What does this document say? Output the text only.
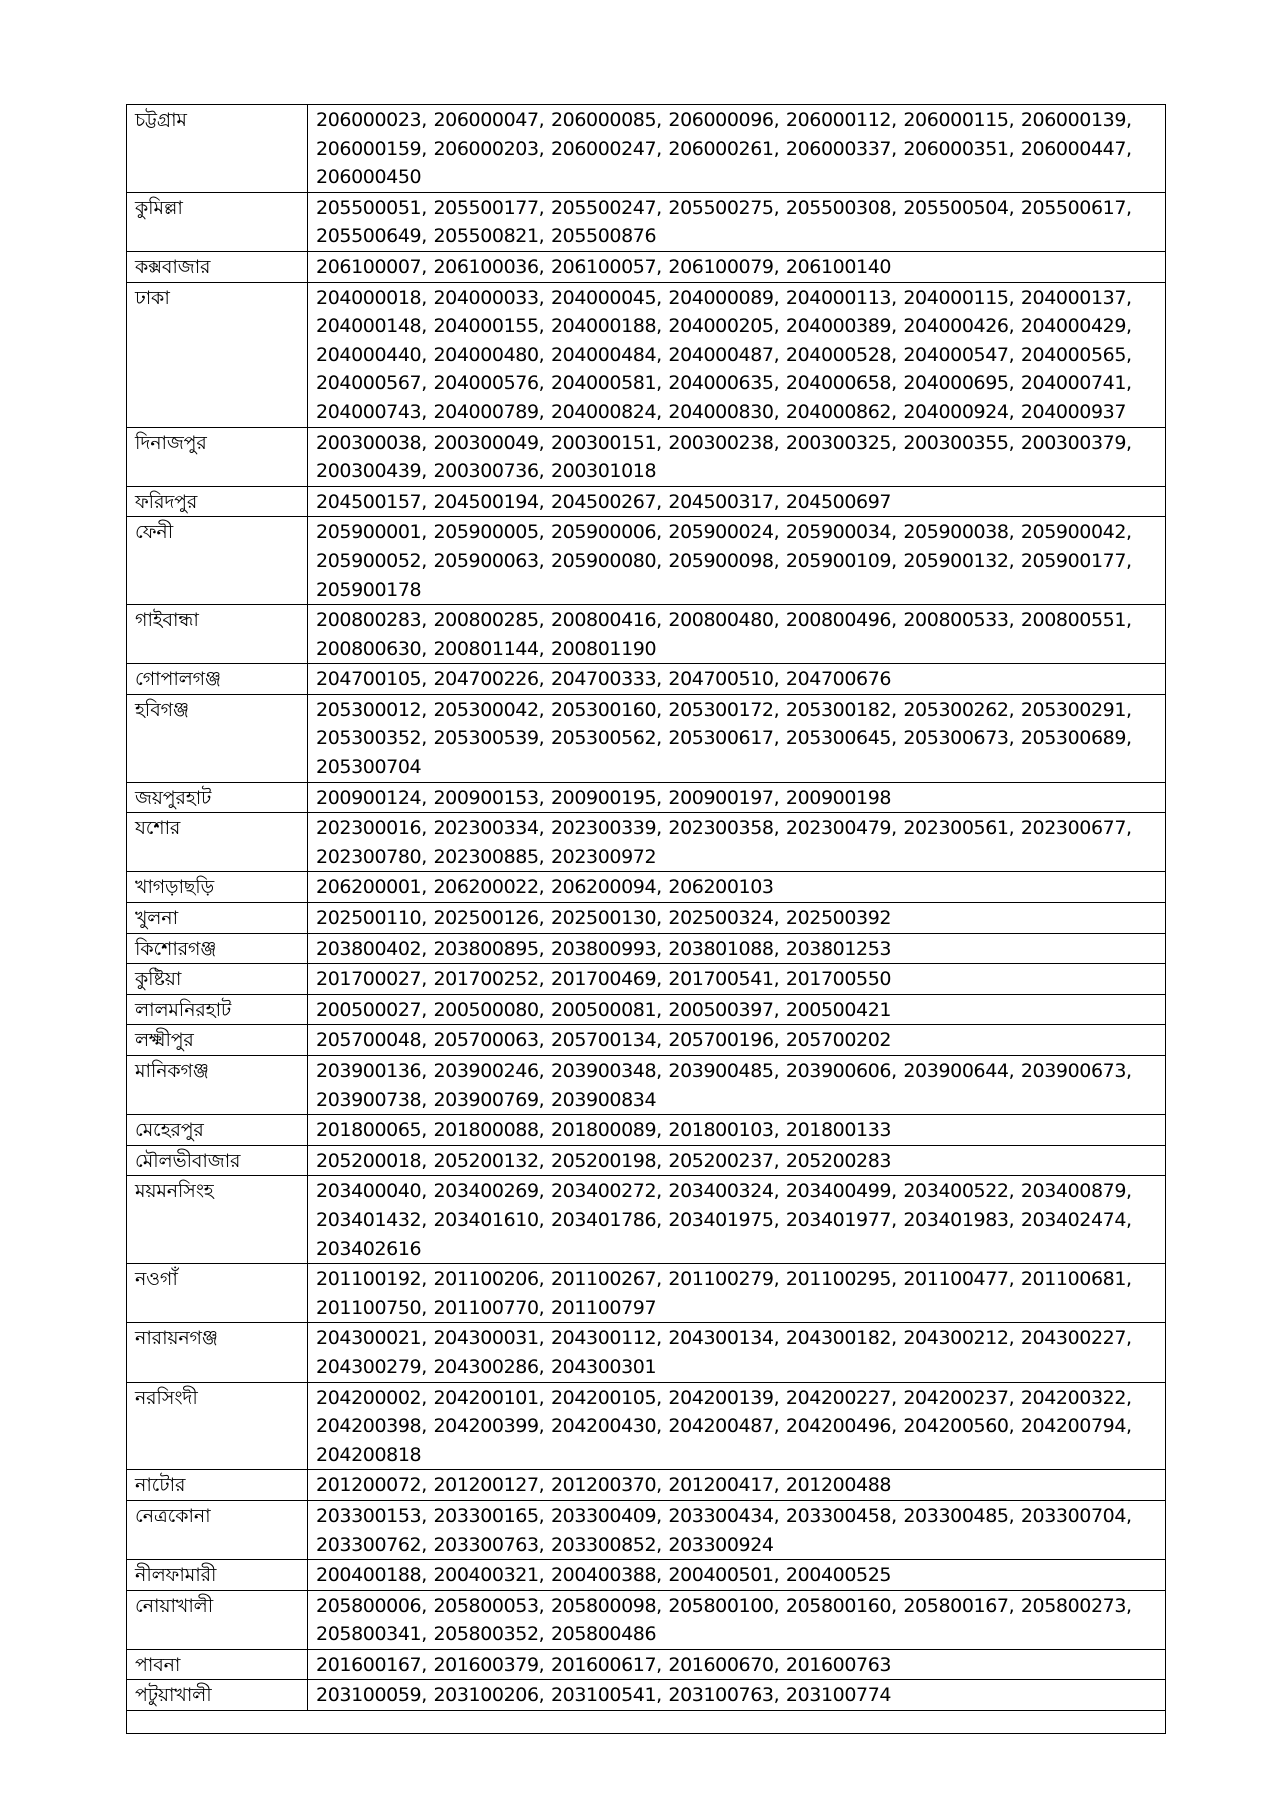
চট্টগ্রাম	206000023, 206000047, 206000085, 206000096, 206000112, 206000115, 206000139, 206000159, 206000203, 206000247, 206000261, 206000337, 206000351, 206000447, 206000450
কুমিল্লা	205500051, 205500177, 205500247, 205500275, 205500308, 205500504, 205500617, 205500649, 205500821, 205500876
কক্সবাজার	206100007, 206100036, 206100057, 206100079, 206100140
ঢাকা	204000018, 204000033, 204000045, 204000089, 204000113, 204000115, 204000137, 204000148, 204000155, 204000188, 204000205, 204000389, 204000426, 204000429, 204000440, 204000480, 204000484, 204000487, 204000528, 204000547, 204000565, 204000567, 204000576, 204000581, 204000635, 204000658, 204000695, 204000741, 204000743, 204000789, 204000824, 204000830, 204000862, 204000924, 204000937
দিনাজপুর	200300038, 200300049, 200300151, 200300238, 200300325, 200300355, 200300379, 200300439, 200300736, 200301018
ফরিদপুর	204500157, 204500194, 204500267, 204500317, 204500697
ফেনী	205900001, 205900005, 205900006, 205900024, 205900034, 205900038, 205900042, 205900052, 205900063, 205900080, 205900098, 205900109, 205900132, 205900177, 205900178
গাইবান্ধা	200800283, 200800285, 200800416, 200800480, 200800496, 200800533, 200800551, 200800630, 200801144, 200801190
গোপালগঞ্জ	204700105, 204700226, 204700333, 204700510, 204700676
হবিগঞ্জ	205300012, 205300042, 205300160, 205300172, 205300182, 205300262, 205300291, 205300352, 205300539, 205300562, 205300617, 205300645, 205300673, 205300689, 205300704
জয়পুরহাট	200900124, 200900153, 200900195, 200900197, 200900198
যশোর	202300016, 202300334, 202300339, 202300358, 202300479, 202300561, 202300677, 202300780, 202300885, 202300972
খাগড়াছড়ি	206200001, 206200022, 206200094, 206200103
খুলনা	202500110, 202500126, 202500130, 202500324, 202500392
কিশোরগঞ্জ	203800402, 203800895, 203800993, 203801088, 203801253
কুষ্টিয়া	201700027, 201700252, 201700469, 201700541, 201700550
লালমনিরহাট	200500027, 200500080, 200500081, 200500397, 200500421
লক্ষ্মীপুর	205700048, 205700063, 205700134, 205700196, 205700202
মানিকগঞ্জ	203900136, 203900246, 203900348, 203900485, 203900606, 203900644, 203900673, 203900738, 203900769, 203900834
মেহেরপুর	201800065, 201800088, 201800089, 201800103, 201800133
মৌলভীবাজার	205200018, 205200132, 205200198, 205200237, 205200283
ময়মনসিংহ	203400040, 203400269, 203400272, 203400324, 203400499, 203400522, 203400879, 203401432, 203401610, 203401786, 203401975, 203401977, 203401983, 203402474, 203402616
নওগাঁ	201100192, 201100206, 201100267, 201100279, 201100295, 201100477, 201100681, 201100750, 201100770, 201100797
নারায়নগঞ্জ	204300021, 204300031, 204300112, 204300134, 204300182, 204300212, 204300227, 204300279, 204300286, 204300301
নরসিংদী	204200002, 204200101, 204200105, 204200139, 204200227, 204200237, 204200322, 204200398, 204200399, 204200430, 204200487, 204200496, 204200560, 204200794, 204200818
নাটোর	201200072, 201200127, 201200370, 201200417, 201200488
নেত্রকোনা	203300153, 203300165, 203300409, 203300434, 203300458, 203300485, 203300704, 203300762, 203300763, 203300852, 203300924
নীলফামারী	200400188, 200400321, 200400388, 200400501, 200400525
নোয়াখালী	205800006, 205800053, 205800098, 205800100, 205800160, 205800167, 205800273, 205800341, 205800352, 205800486
পাবনা	201600167, 201600379, 201600617, 201600670, 201600763
পটুয়াখালী	203100059, 203100206, 203100541, 203100763, 203100774
